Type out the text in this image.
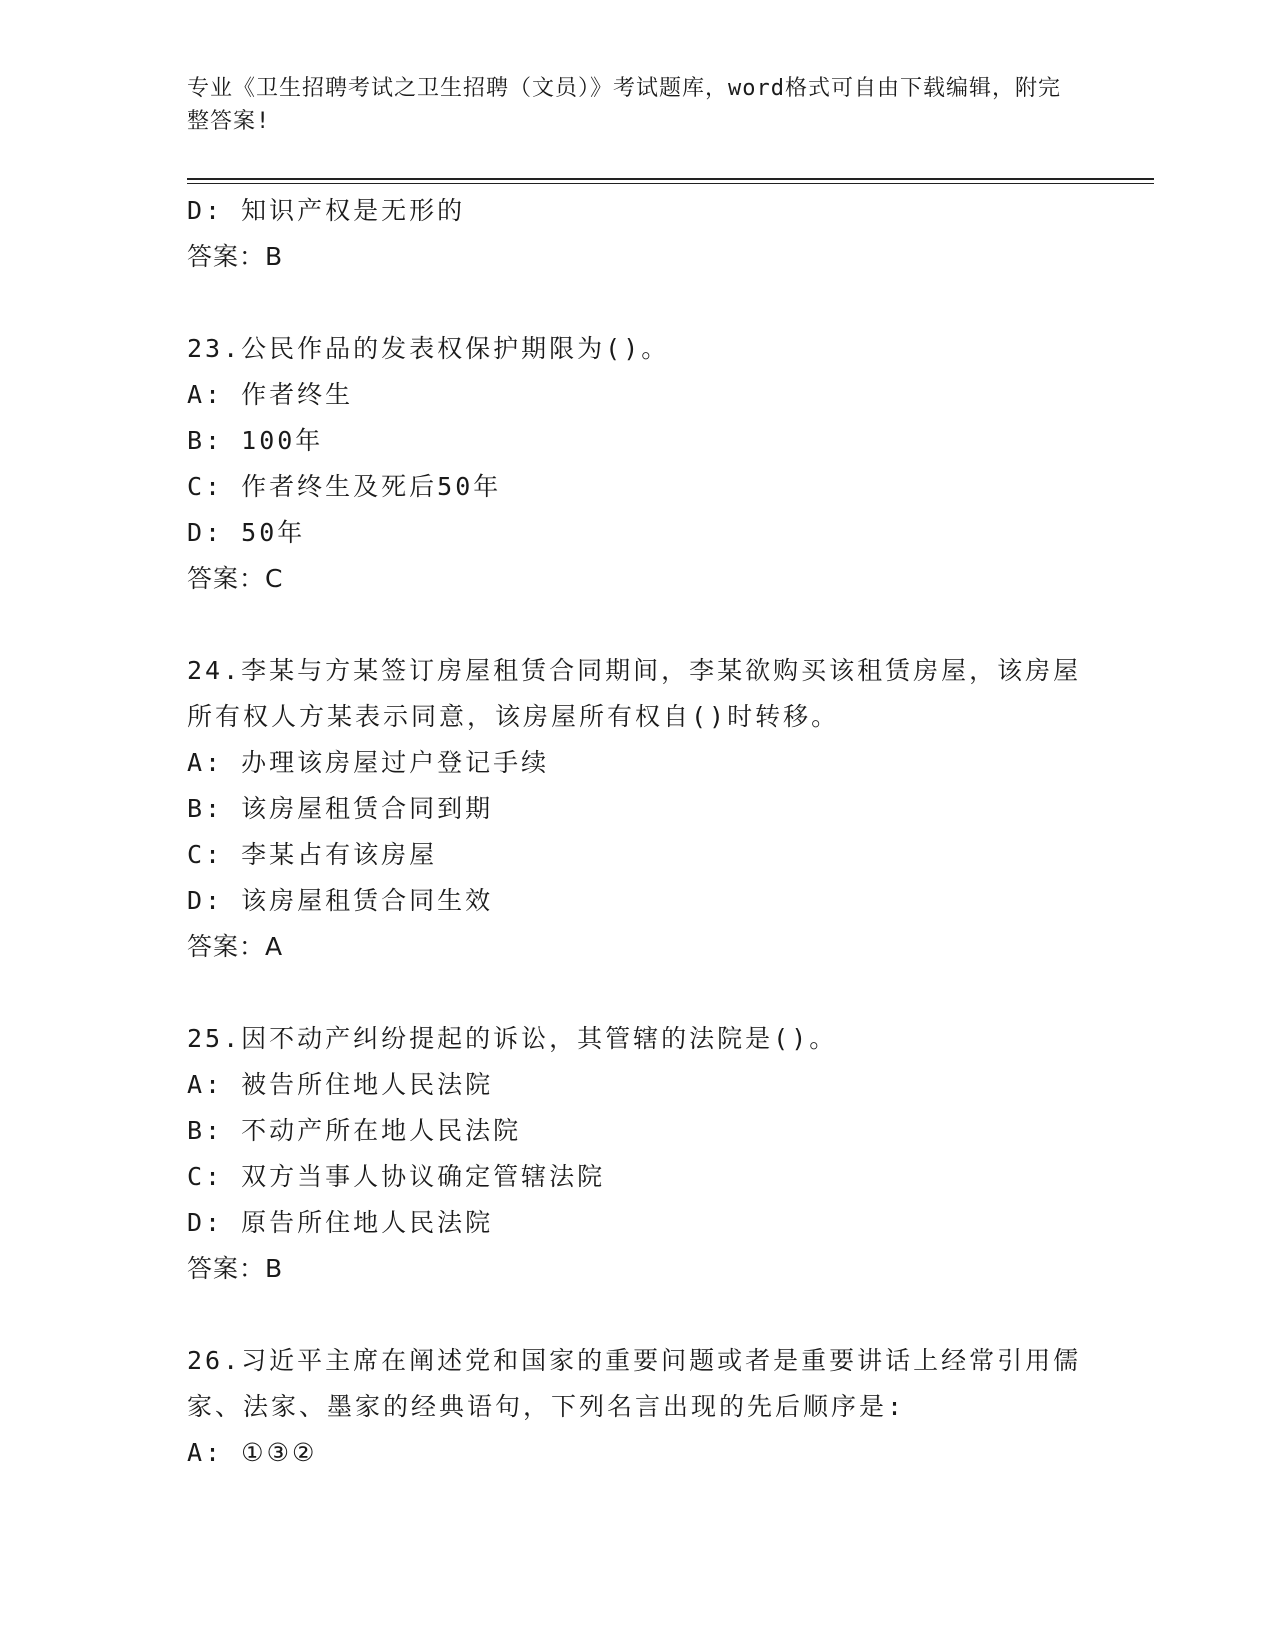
专业《卫生招聘考试之卫生招聘（文员）》考试题库，word格式可自由下载编辑，附完整答案!
D: 知识产权是无形的
答案：B
23.公民作品的发表权保护期限为()。
A: 作者终生
B: 100年
C: 作者终生及死后50年
D: 50年
答案：C
24.李某与方某签订房屋租赁合同期间，李某欲购买该租赁房屋，该房屋所有权人方某表示同意，该房屋所有权自()时转移。
A: 办理该房屋过户登记手续
B: 该房屋租赁合同到期
C: 李某占有该房屋
D: 该房屋租赁合同生效
答案：A
25.因不动产纠纷提起的诉讼，其管辖的法院是()。
A: 被告所住地人民法院
B: 不动产所在地人民法院
C: 双方当事人协议确定管辖法院
D: 原告所住地人民法院
答案：B
26.习近平主席在阐述党和国家的重要问题或者是重要讲话上经常引用儒家、法家、墨家的经典语句，下列名言出现的先后顺序是:
A: ①③②
